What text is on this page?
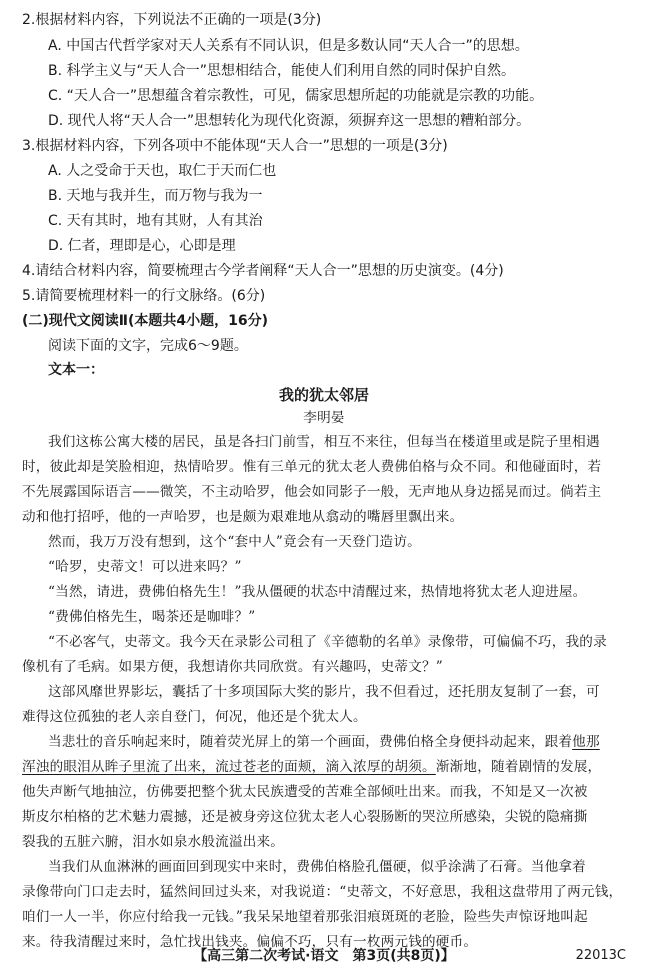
2.根据材料内容，下列说法不正确的一项是(3分)
A. 中国古代哲学家对天人关系有不同认识，但是多数认同“天人合一”的思想。
B. 科学主义与“天人合一”思想相结合，能使人们利用自然的同时保护自然。
C. “天人合一”思想蕴含着宗教性，可见，儒家思想所起的功能就是宗教的功能。
D. 现代人将“天人合一”思想转化为现代化资源，须摒弃这一思想的糟粕部分。
3.根据材料内容，下列各项中不能体现“天人合一”思想的一项是(3分)
A. 人之受命于天也，取仁于天而仁也
B. 天地与我并生，而万物与我为一
C. 天有其时，地有其财，人有其治
D. 仁者，理即是心，心即是理
4.请结合材料内容，简要梳理古今学者阐释“天人合一”思想的历史演变。(4分)
5.请简要梳理材料一的行文脉络。(6分)
(二)现代文阅读Ⅱ(本题共4小题，16分)
阅读下面的文字，完成6～9题。
文本一：
我的犹太邻居
李明晏
我们这栋公寓大楼的居民，虽是各扫门前雪，相互不来往，但每当在楼道里或是院子里相遇
时，彼此却是笑脸相迎，热情哈罗。惟有三单元的犹太老人费佛伯格与众不同。和他碰面时，若
不先展露国际语言——微笑，不主动哈罗，他会如同影子一般，无声地从身边摇晃而过。倘若主
动和他打招呼，他的一声哈罗，也是颇为艰难地从翕动的嘴唇里飘出来。
然而，我万万没有想到，这个“套中人”竟会有一天登门造访。
“哈罗，史蒂文！可以进来吗？”
“当然，请进，费佛伯格先生！”我从僵硬的状态中清醒过来，热情地将犹太老人迎进屋。
“费佛伯格先生，喝茶还是咖啡？”
“不必客气，史蒂文。我今天在录影公司租了《辛德勒的名单》录像带，可偏偏不巧，我的录
像机有了毛病。如果方便，我想请你共同欣赏。有兴趣吗，史蒂文？”
这部风靡世界影坛，囊括了十多项国际大奖的影片，我不但看过，还托朋友复制了一套，可
难得这位孤独的老人亲自登门，何况，他还是个犹太人。
当悲壮的音乐响起来时，随着荧光屏上的第一个画面，费佛伯格全身便抖动起来，跟着他那
浑浊的眼泪从眸子里流了出来，流过苍老的面颊，滴入浓厚的胡须。渐渐地，随着剧情的发展，
他失声断气地抽泣，仿佛要把整个犹太民族遭受的苦难全部倾吐出来。而我，不知是又一次被
斯皮尔柏格的艺术魅力震撼，还是被身旁这位犹太老人心裂肠断的哭泣所感染，尖锐的隐痛撕
裂我的五脏六腑，泪水如泉水般流溢出来。
当我们从血淋淋的画面回到现实中来时，费佛伯格脸孔僵硬，似乎涂满了石膏。当他拿着
录像带向门口走去时，猛然间回过头来，对我说道：“史蒂文，不好意思，我租这盘带用了两元钱，
咱们一人一半，你应付给我一元钱。”我呆呆地望着那张泪痕斑斑的老脸，险些失声惊讶地叫起
来。待我清醒过来时，急忙找出钱夹。偏偏不巧，只有一枚两元钱的硬币。
【高三第二次考试·语文　第3页(共8页)】	22013C
